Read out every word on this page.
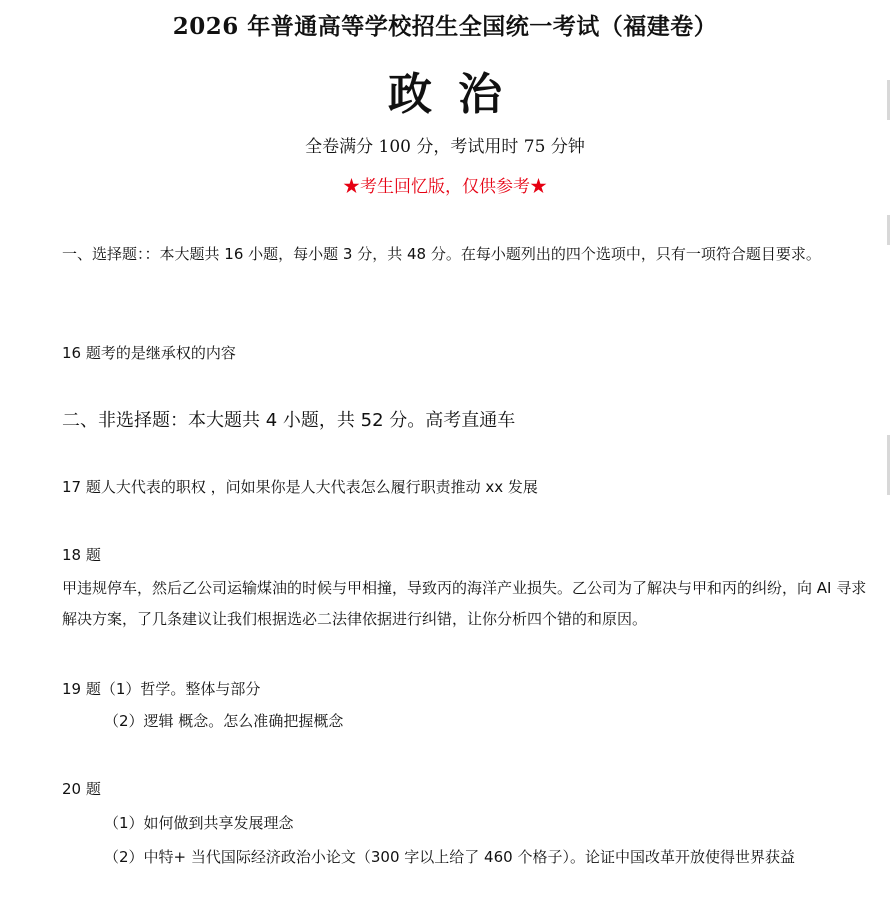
2026 年普通高等学校招生全国统一考试（福建卷）
政治
全卷满分 100 分，考试用时 75 分钟
★考生回忆版，仅供参考★
一、选择题：：本大题共 16 小题，每小题 3 分，共 48 分。在每小题列出的四个选项中，只有一项符合题目要求。
16 题考的是继承权的内容
二、非选择题：本大题共 4 小题，共 52 分。高考直通车
17 题人大代表的职权 ，问如果你是人大代表怎么履行职责推动 xx 发展
18 题
甲违规停车，然后乙公司运输煤油的时候与甲相撞，导致丙的海洋产业损失。乙公司为了解决与甲和丙的纠纷，向 AI 寻求解决方案，了几条建议让我们根据选必二法律依据进行纠错，让你分析四个错的和原因。
19 题（1）哲学。整体与部分
（2）逻辑 概念。怎么准确把握概念
20 题
（1）如何做到共享发展理念
（2）中特+ 当代国际经济政治小论文（300 字以上给了 460 个格子）。论证中国改革开放使得世界获益
